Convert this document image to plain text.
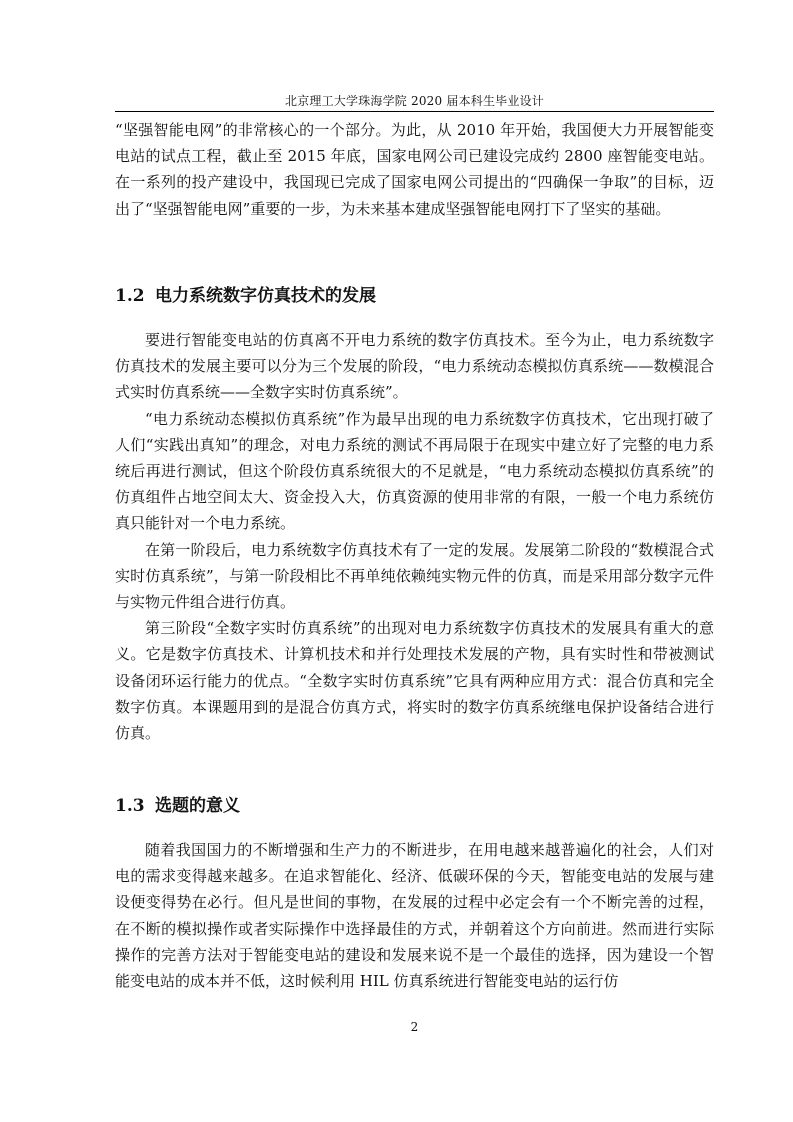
北京理工大学珠海学院 2020 届本科生毕业设计

“坚强智能电网”的非常核心的一个部分。为此，从 2010 年开始，我国便大力开展智能变电站的试点工程，截止至 2015 年底，国家电网公司已建设完成约 2800 座智能变电站。在一系列的投产建设中，我国现已完成了国家电网公司提出的“四确保一争取”的目标，迈出了“坚强智能电网”重要的一步，为未来基本建成坚强智能电网打下了坚实的基础。

1.2 电力系统数字仿真技术的发展

要进行智能变电站的仿真离不开电力系统的数字仿真技术。至今为止，电力系统数字仿真技术的发展主要可以分为三个发展的阶段，“电力系统动态模拟仿真系统——数模混合式实时仿真系统——全数字实时仿真系统”。

“电力系统动态模拟仿真系统”作为最早出现的电力系统数字仿真技术，它出现打破了人们“实践出真知”的理念，对电力系统的测试不再局限于在现实中建立好了完整的电力系统后再进行测试，但这个阶段仿真系统很大的不足就是，“电力系统动态模拟仿真系统”的仿真组件占地空间太大、资金投入大，仿真资源的使用非常的有限，一般一个电力系统仿真只能针对一个电力系统。

在第一阶段后，电力系统数字仿真技术有了一定的发展。发展第二阶段的“数模混合式实时仿真系统”，与第一阶段相比不再单纯依赖纯实物元件的仿真，而是采用部分数字元件与实物元件组合进行仿真。

第三阶段“全数字实时仿真系统”的出现对电力系统数字仿真技术的发展具有重大的意义。它是数字仿真技术、计算机技术和并行处理技术发展的产物，具有实时性和带被测试设备闭环运行能力的优点。“全数字实时仿真系统”它具有两种应用方式：混合仿真和完全数字仿真。本课题用到的是混合仿真方式，将实时的数字仿真系统继电保护设备结合进行仿真。

1.3 选题的意义

随着我国国力的不断增强和生产力的不断进步，在用电越来越普遍化的社会，人们对电的需求变得越来越多。在追求智能化、经济、低碳环保的今天，智能变电站的发展与建设便变得势在必行。但凡是世间的事物，在发展的过程中必定会有一个不断完善的过程，在不断的模拟操作或者实际操作中选择最佳的方式，并朝着这个方向前进。然而进行实际操作的完善方法对于智能变电站的建设和发展来说不是一个最佳的选择，因为建设一个智能变电站的成本并不低，这时候利用 HIL 仿真系统进行智能变电站的运行仿

2
